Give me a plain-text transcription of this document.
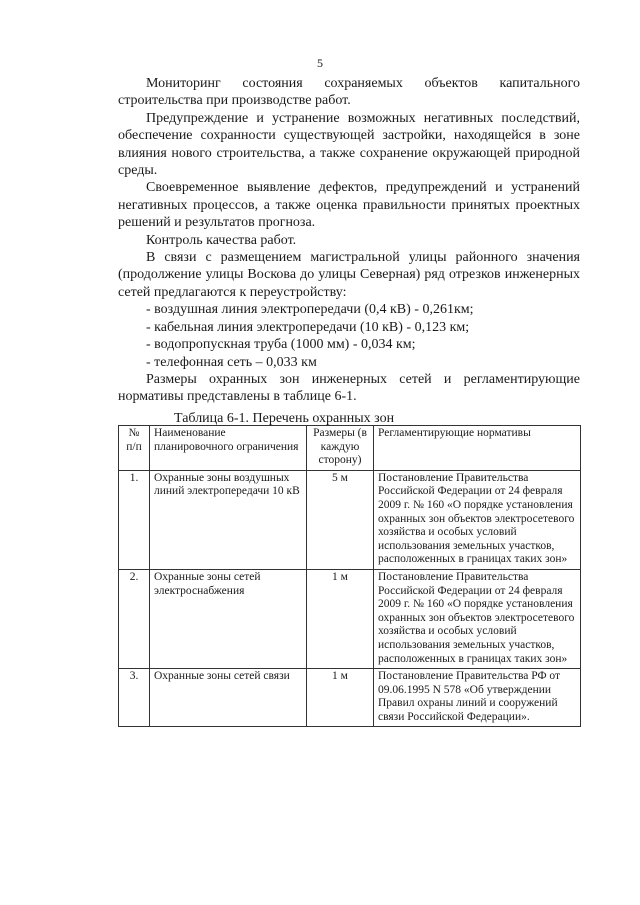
5

Мониторинг состояния сохраняемых объектов капитального строительства при производстве работ.

Предупреждение и устранение возможных негативных последствий, обеспечение сохранности существующей застройки, находящейся в зоне влияния нового строительства, а также сохранение окружающей природной среды.

Своевременное выявление дефектов, предупреждений и устранений негативных процессов, а также оценка правильности принятых проектных решений и результатов прогноза.

Контроль качества работ.

В связи с размещением магистральной улицы районного значения (продолжение улицы Воскова до улицы Северная) ряд отрезков инженерных сетей предлагаются к переустройству:

- воздушная линия электропередачи (0,4 кВ) - 0,261км;

- кабельная линия электропередачи (10 кВ) - 0,123 км;

- водопропускная труба (1000 мм) - 0,034 км;

- телефонная сеть – 0,033 км

Размеры охранных зон инженерных сетей и регламентирующие нормативы представлены в таблице 6-1.

Таблица 6-1. Перечень охранных зон
№ п/п	Наименование планировочного ограничения	Размеры (в каждую сторону)	Регламентирующие нормативы
1.	Охранные зоны воздушных линий электропередачи 10 кВ	5 м	Постановление Правительства Российской Федерации от 24 февраля 2009 г. № 160 «О порядке установления охранных зон объектов электросетевого хозяйства и особых условий использования земельных участков, расположенных в границах таких зон»
2.	Охранные зоны сетей электроснабжения	1 м	Постановление Правительства Российской Федерации от 24 февраля 2009 г. № 160 «О порядке установления охранных зон объектов электросетевого хозяйства и особых условий использования земельных участков, расположенных в границах таких зон»
3.	Охранные зоны сетей связи	1 м	Постановление Правительства РФ от 09.06.1995 N 578 «Об утверждении Правил охраны линий и сооружений связи Российской Федерации».
